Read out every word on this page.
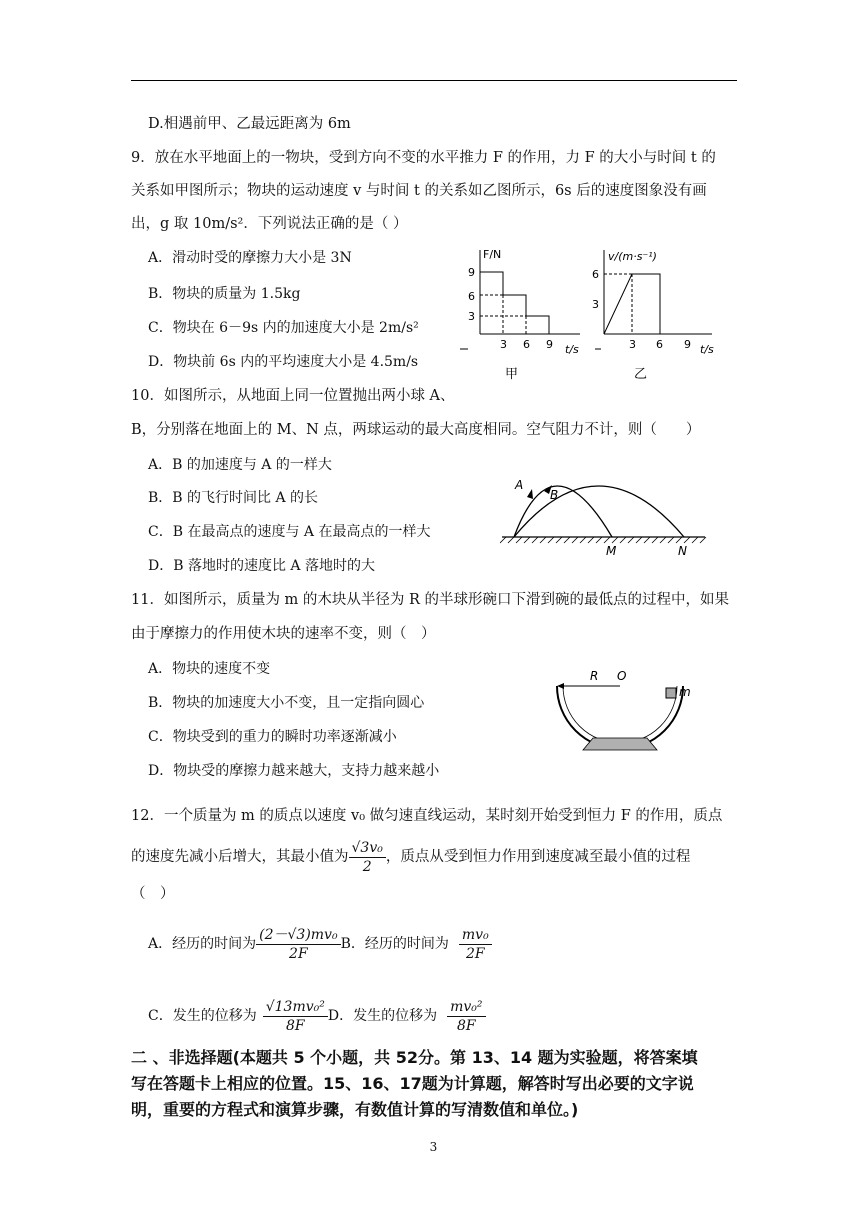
D.相遇前甲、乙最远距离为 6m
9．放在水平地面上的一物块，受到方向不变的水平推力 F 的作用，力 F 的大小与时间 t 的
关系如甲图所示；物块的运动速度 v 与时间 t 的关系如乙图所示，6s 后的速度图象没有画
出，g 取 10m/s²．下列说法正确的是（ ）
A．滑动时受的摩擦力大小是 3N
B．物块的质量为 1.5kg
C．物块在 6－9s 内的加速度大小是 2m/s²
D．物块前 6s 内的平均速度大小是 4.5m/s
F/N
t/s
9
6
3
3 6 9
甲
v/(m·s⁻¹)
t/s
6
3
3 6 9
乙
10．如图所示，从地面上同一位置抛出两小球 A、
B，分别落在地面上的 M、N 点，两球运动的最大高度相同。空气阻力不计，则（　　）
A．B 的加速度与 A 的一样大
B．B 的飞行时间比 A 的长
C．B 在最高点的速度与 A 在最高点的一样大
D．B 落地时的速度比 A 落地时的大
A
B
M	N
11．如图所示，质量为 m 的木块从半径为 R 的半球形碗口下滑到碗的最低点的过程中，如果
由于摩擦力的作用使木块的速率不变，则（　）
A．物块的速度不变
B．物块的加速度大小不变，且一定指向圆心
C．物块受到的重力的瞬时功率逐渐减小
D．物块受的摩擦力越来越大，支持力越来越小
R O
m
12．一个质量为 m 的质点以速度 v₀ 做匀速直线运动，某时刻开始受到恒力 F 的作用，质点
的速度先减小后增大，其最小值为 $\frac{\text{√3v₀}}{2}$ ，质点从受到恒力作用到速度减至最小值的过程
（　）
A．经历的时间为 $\frac{\text{(2－√3)mv₀}}{2F}$ B．经历的时间为 $\frac{\text{mv₀}}{2F}$
C．发生的位移为 $\frac{\text{√13mv₀²}}{8F}$ D．发生的位移为 $\frac{\text{mv₀²}}{8F}$
二 、非选择题(本题共 5 个小题，共 52分。第 13、14 题为实验题，将答案填
写在答题卡上相应的位置。15、16、17题为计算题，解答时写出必要的文字说
明，重要的方程式和演算步骤，有数值计算的写清数值和单位。)
3
